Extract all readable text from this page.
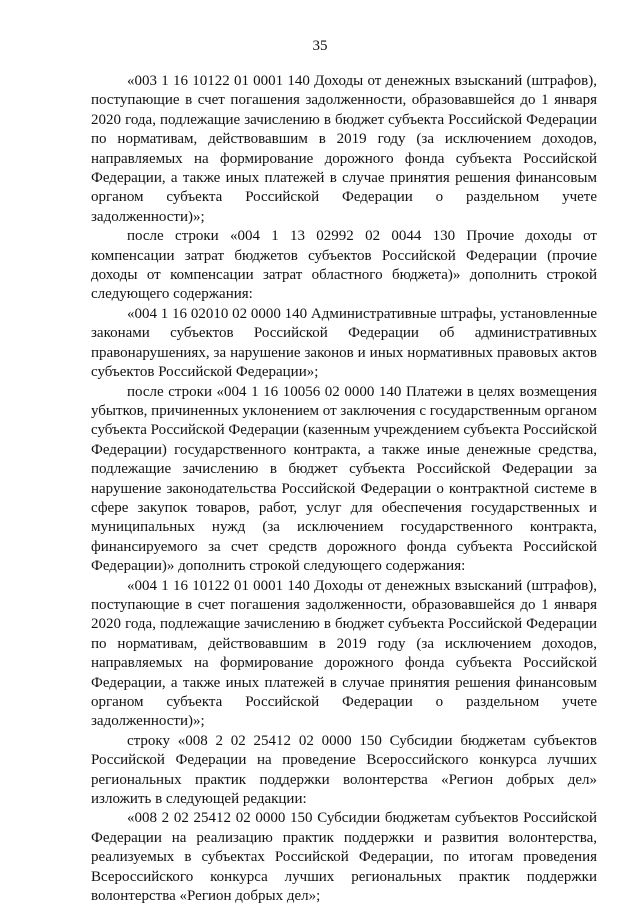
35

«003 1 16 10122 01 0001 140 Доходы от денежных взысканий (штрафов), поступающие в счет погашения задолженности, образовавшейся до 1 января 2020 года, подлежащие зачислению в бюджет субъекта Российской Федерации по нормативам, действовавшим в 2019 году (за исключением доходов, направляемых на формирование дорожного фонда субъекта Российской Федерации, а также иных платежей в случае принятия решения финансовым органом субъекта Российской Федерации о раздельном учете задолженности)»;

после строки «004 1 13 02992 02 0044 130 Прочие доходы от компенсации затрат бюджетов субъектов Российской Федерации (прочие доходы от компенсации затрат областного бюджета)» дополнить строкой следующего содержания:

«004 1 16 02010 02 0000 140 Административные штрафы, установленные законами субъектов Российской Федерации об административных правонарушениях, за нарушение законов и иных нормативных правовых актов субъектов Российской Федерации»;

после строки «004 1 16 10056 02 0000 140 Платежи в целях возмещения убытков, причиненных уклонением от заключения с государственным органом субъекта Российской Федерации (казенным учреждением субъекта Российской Федерации) государственного контракта, а также иные денежные средства, подлежащие зачислению в бюджет субъекта Российской Федерации за нарушение законодательства Российской Федерации о контрактной системе в сфере закупок товаров, работ, услуг для обеспечения государственных и муниципальных нужд (за исключением государственного контракта, финансируемого за счет средств дорожного фонда субъекта Российской Федерации)» дополнить строкой следующего содержания:

«004 1 16 10122 01 0001 140 Доходы от денежных взысканий (штрафов), поступающие в счет погашения задолженности, образовавшейся до 1 января 2020 года, подлежащие зачислению в бюджет субъекта Российской Федерации по нормативам, действовавшим в 2019 году (за исключением доходов, направляемых на формирование дорожного фонда субъекта Российской Федерации, а также иных платежей в случае принятия решения финансовым органом субъекта Российской Федерации о раздельном учете задолженности)»;

строку «008 2 02 25412 02 0000 150 Субсидии бюджетам субъектов Российской Федерации на проведение Всероссийского конкурса лучших региональных практик поддержки волонтерства «Регион добрых дел» изложить в следующей редакции:

«008 2 02 25412 02 0000 150 Субсидии бюджетам субъектов Российской Федерации на реализацию практик поддержки и развития волонтерства, реализуемых в субъектах Российской Федерации, по итогам проведения Всероссийского конкурса лучших региональных практик поддержки волонтерства «Регион добрых дел»;
